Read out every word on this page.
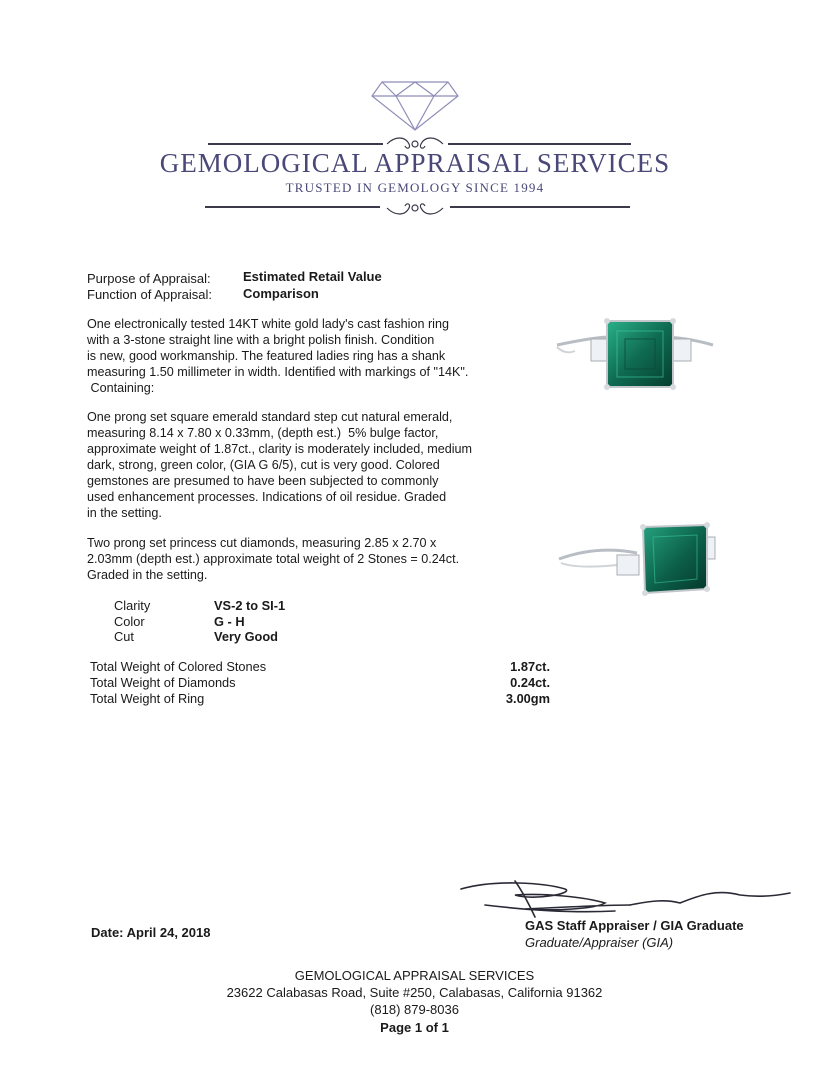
GEMOLOGICAL APPRAISAL SERVICES
TRUSTED IN GEMOLOGY SINCE 1994
Purpose of Appraisal: Estimated Retail Value
Function of Appraisal: Comparison
One electronically tested 14KT white gold lady's cast fashion ring
with a 3-stone straight line with a bright polish finish. Condition
is new, good workmanship. The featured ladies ring has a shank
measuring 1.50 millimeter in width. Identified with markings of "14K".
Containing:
One prong set square emerald standard step cut natural emerald,
measuring 8.14 x 7.80 x 0.33mm, (depth est.)  5% bulge factor,
approximate weight of 1.87ct., clarity is moderately included, medium
dark, strong, green color, (GIA G 6/5), cut is very good. Colored
gemstones are presumed to have been subjected to commonly
used enhancement processes. Indications of oil residue. Graded
in the setting.
Two prong set princess cut diamonds, measuring 2.85 x 2.70 x
2.03mm (depth est.) approximate total weight of 2 Stones = 0.24ct.
Graded in the setting.
Clarity	VS-2 to SI-1
Color	G - H
Cut	Very Good
Total Weight of Colored Stones	1.87ct.
Total Weight of Diamonds	0.24ct.
Total Weight of Ring	3.00gm
Date: April 24, 2018	GAS Staff Appraiser / GIA Graduate
Graduate/Appraiser (GIA)
GEMOLOGICAL APPRAISAL SERVICES
23622 Calabasas Road, Suite #250, Calabasas, California 91362
(818) 879-8036
Page 1 of 1
